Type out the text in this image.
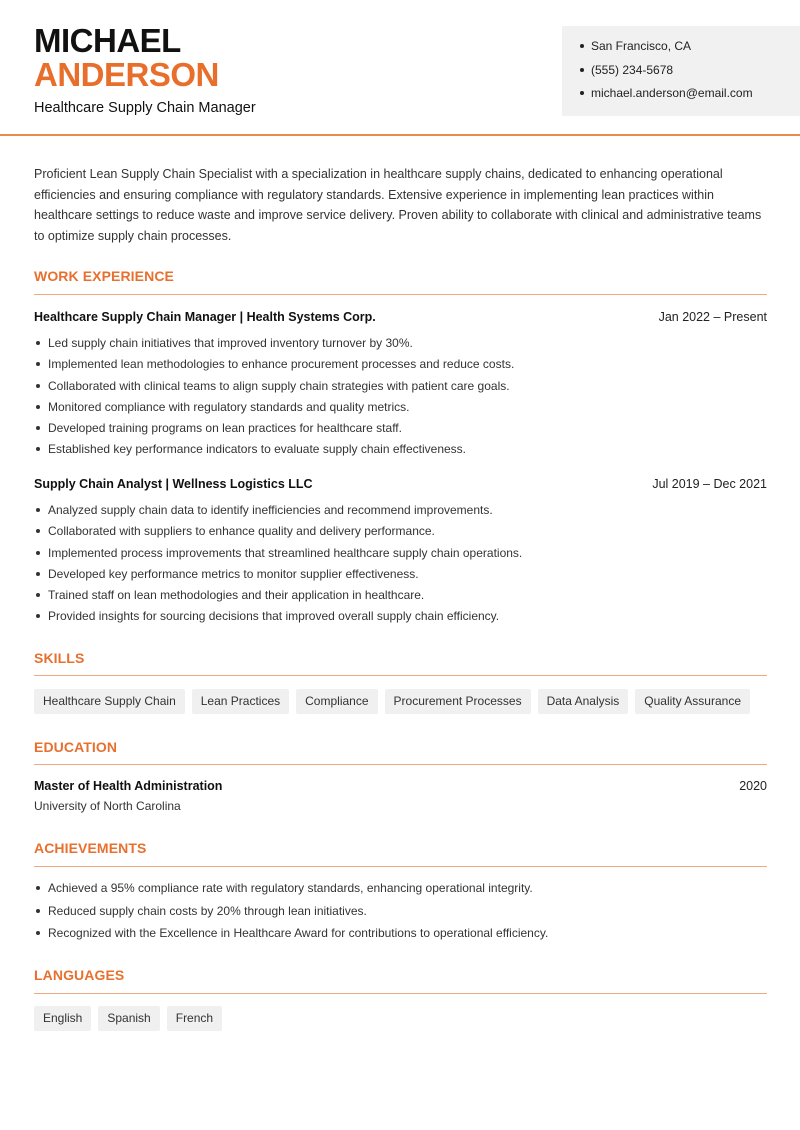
MICHAEL
ANDERSON
Healthcare Supply Chain Manager
San Francisco, CA
(555) 234-5678
michael.anderson@email.com

Proficient Lean Supply Chain Specialist with a specialization in healthcare supply chains, dedicated to enhancing operational efficiencies and ensuring compliance with regulatory standards. Extensive experience in implementing lean practices within healthcare settings to reduce waste and improve service delivery. Proven ability to collaborate with clinical and administrative teams to optimize supply chain processes.

WORK EXPERIENCE
Healthcare Supply Chain Manager | Health Systems Corp.	Jan 2022 – Present
Led supply chain initiatives that improved inventory turnover by 30%.
Implemented lean methodologies to enhance procurement processes and reduce costs.
Collaborated with clinical teams to align supply chain strategies with patient care goals.
Monitored compliance with regulatory standards and quality metrics.
Developed training programs on lean practices for healthcare staff.
Established key performance indicators to evaluate supply chain effectiveness.
Supply Chain Analyst | Wellness Logistics LLC	Jul 2019 – Dec 2021
Analyzed supply chain data to identify inefficiencies and recommend improvements.
Collaborated with suppliers to enhance quality and delivery performance.
Implemented process improvements that streamlined healthcare supply chain operations.
Developed key performance metrics to monitor supplier effectiveness.
Trained staff on lean methodologies and their application in healthcare.
Provided insights for sourcing decisions that improved overall supply chain efficiency.
SKILLS
Healthcare Supply Chain	Lean Practices	Compliance	Procurement Processes	Data Analysis	Quality Assurance
EDUCATION
Master of Health Administration	2020
University of North Carolina
ACHIEVEMENTS
Achieved a 95% compliance rate with regulatory standards, enhancing operational integrity.
Reduced supply chain costs by 20% through lean initiatives.
Recognized with the Excellence in Healthcare Award for contributions to operational efficiency.
LANGUAGES
English	Spanish	French
